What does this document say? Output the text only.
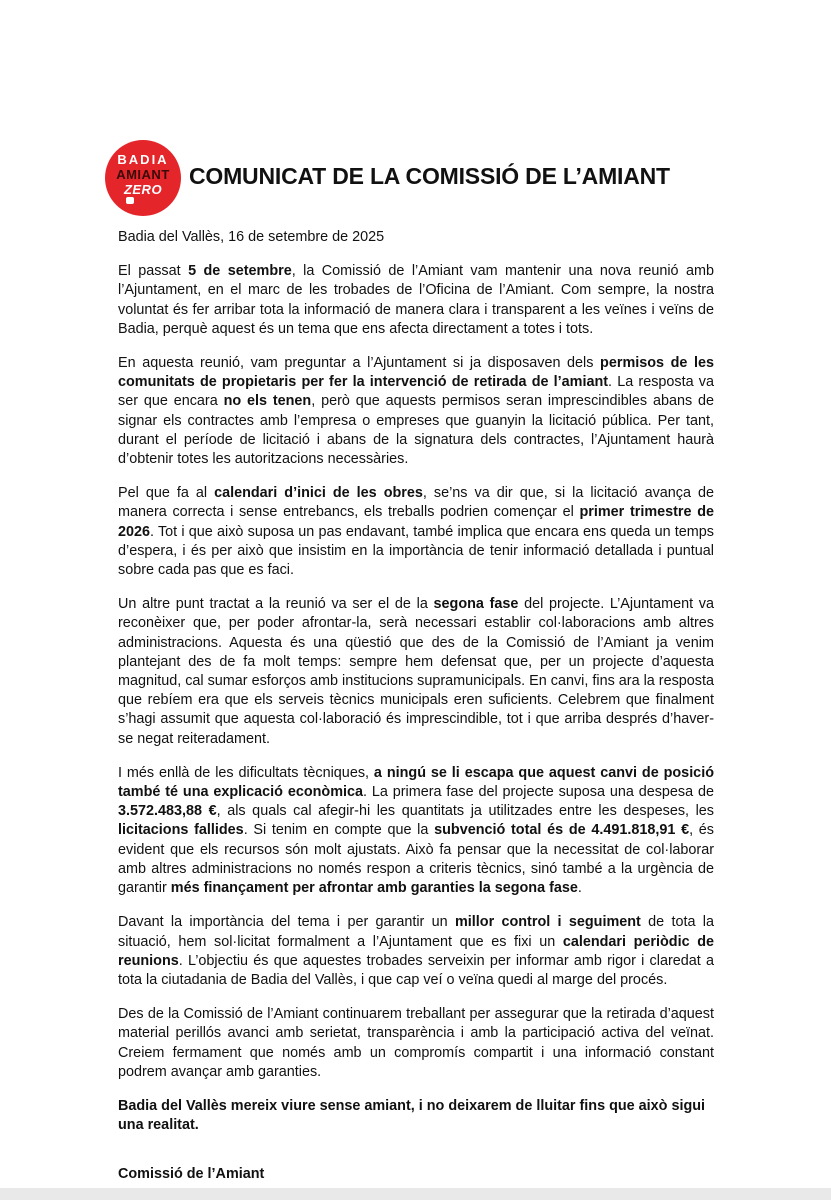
BADIA
AMIANT
ZERO
COMUNICAT DE LA COMISSIÓ DE L’AMIANT

Badia del Vallès, 16 de setembre de 2025

El passat 5 de setembre, la Comissió de l’Amiant vam mantenir una nova reunió amb l’Ajuntament, en el marc de les trobades de l’Oficina de l’Amiant. Com sempre, la nostra voluntat és fer arribar tota la informació de manera clara i transparent a les veïnes i veïns de Badia, perquè aquest és un tema que ens afecta directament a totes i tots.

En aquesta reunió, vam preguntar a l’Ajuntament si ja disposaven dels permisos de les comunitats de propietaris per fer la intervenció de retirada de l’amiant. La resposta va ser que encara no els tenen, però que aquests permisos seran imprescindibles abans de signar els contractes amb l’empresa o empreses que guanyin la licitació pública. Per tant, durant el període de licitació i abans de la signatura dels contractes, l’Ajuntament haurà d’obtenir totes les autoritzacions necessàries.

Pel que fa al calendari d’inici de les obres, se’ns va dir que, si la licitació avança de manera correcta i sense entrebancs, els treballs podrien començar el primer trimestre de 2026. Tot i que això suposa un pas endavant, també implica que encara ens queda un temps d’espera, i és per això que insistim en la importància de tenir informació detallada i puntual sobre cada pas que es faci.

Un altre punt tractat a la reunió va ser el de la segona fase del projecte. L’Ajuntament va reconèixer que, per poder afrontar-la, serà necessari establir col·laboracions amb altres administracions. Aquesta és una qüestió que des de la Comissió de l’Amiant ja venim plantejant des de fa molt temps: sempre hem defensat que, per un projecte d’aquesta magnitud, cal sumar esforços amb institucions supramunicipals. En canvi, fins ara la resposta que rebíem era que els serveis tècnics municipals eren suficients. Celebrem que finalment s’hagi assumit que aquesta col·laboració és imprescindible, tot i que arriba després d’haver-se negat reiteradament.

I més enllà de les dificultats tècniques, a ningú se li escapa que aquest canvi de posició també té una explicació econòmica. La primera fase del projecte suposa una despesa de 3.572.483,88 €, als quals cal afegir-hi les quantitats ja utilitzades entre les despeses, les licitacions fallides. Si tenim en compte que la subvenció total és de 4.491.818,91 €, és evident que els recursos són molt ajustats. Això fa pensar que la necessitat de col·laborar amb altres administracions no només respon a criteris tècnics, sinó també a la urgència de garantir més finançament per afrontar amb garanties la segona fase.

Davant la importància del tema i per garantir un millor control i seguiment de tota la situació, hem sol·licitat formalment a l’Ajuntament que es fixi un calendari periòdic de reunions. L’objectiu és que aquestes trobades serveixin per informar amb rigor i claredat a tota la ciutadania de Badia del Vallès, i que cap veí o veïna quedi al marge del procés.

Des de la Comissió de l’Amiant continuarem treballant per assegurar que la retirada d’aquest material perillós avanci amb serietat, transparència i amb la participació activa del veïnat. Creiem fermament que només amb un compromís compartit i una informació constant podrem avançar amb garanties.

Badia del Vallès mereix viure sense amiant, i no deixarem de lluitar fins que això sigui una realitat.

Comissió de l’Amiant
